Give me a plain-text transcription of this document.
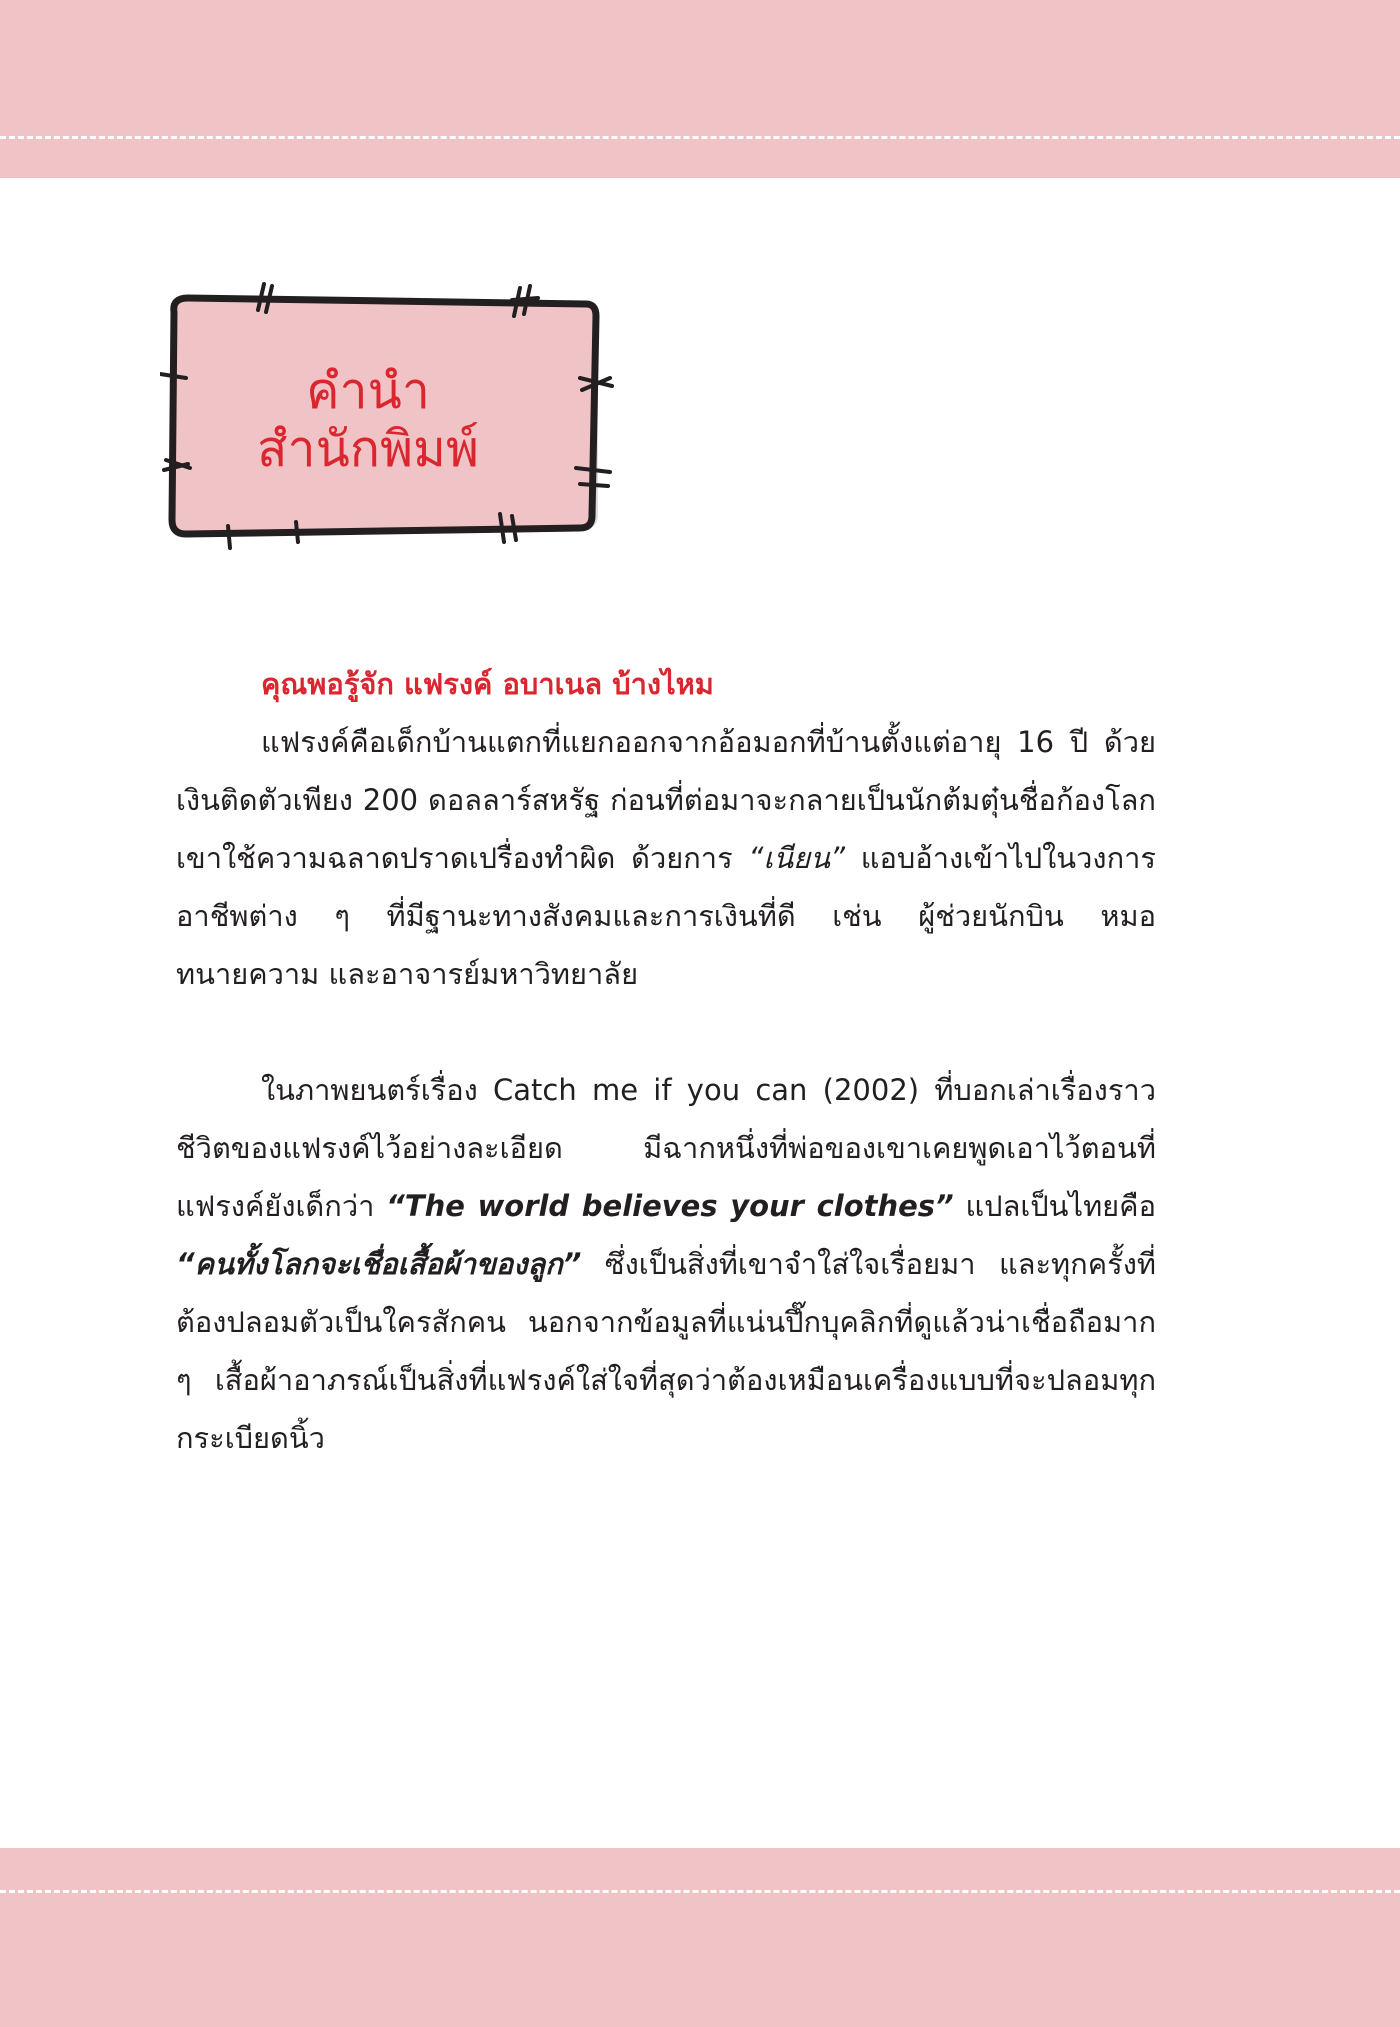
คำนำ
สำนักพิมพ์
คุณพอรู้จัก แฟรงค์ อบาเนล บ้างไหม

แฟรงค์คือเด็กบ้านแตกที่แยกออกจากอ้อมอกที่บ้านตั้งแต่อายุ 16 ปี ด้วยเงินติดตัวเพียง 200 ดอลลาร์สหรัฐ ก่อนที่ต่อมาจะกลายเป็นนักต้มตุ๋นชื่อก้องโลก เขาใช้ความฉลาดปราดเปรื่องทำผิด ด้วยการ “เนียน” แอบอ้างเข้าไปในวงการอาชีพต่าง ๆ ที่มีฐานะทางสังคมและการเงินที่ดี เช่น ผู้ช่วยนักบิน หมอ ทนายความ และอาจารย์มหาวิทยาลัย

ในภาพยนตร์เรื่อง Catch me if you can (2002) ที่บอกเล่าเรื่องราวชีวิตของแฟรงค์ไว้อย่างละเอียด มีฉากหนึ่งที่พ่อของเขาเคยพูดเอาไว้ตอนที่แฟรงค์ยังเด็กว่า “The world believes your clothes” แปลเป็นไทยคือ “คนทั้งโลกจะเชื่อเสื้อผ้าของลูก” ซึ่งเป็นสิ่งที่เขาจำใส่ใจเรื่อยมา และทุกครั้งที่ต้องปลอมตัวเป็นใครสักคน นอกจากข้อมูลที่แน่นปึ๊กบุคลิกที่ดูแล้วน่าเชื่อถือมาก ๆ เสื้อผ้าอาภรณ์เป็นสิ่งที่แฟรงค์ใส่ใจที่สุดว่าต้องเหมือนเครื่องแบบที่จะปลอมทุกกระเบียดนิ้ว
